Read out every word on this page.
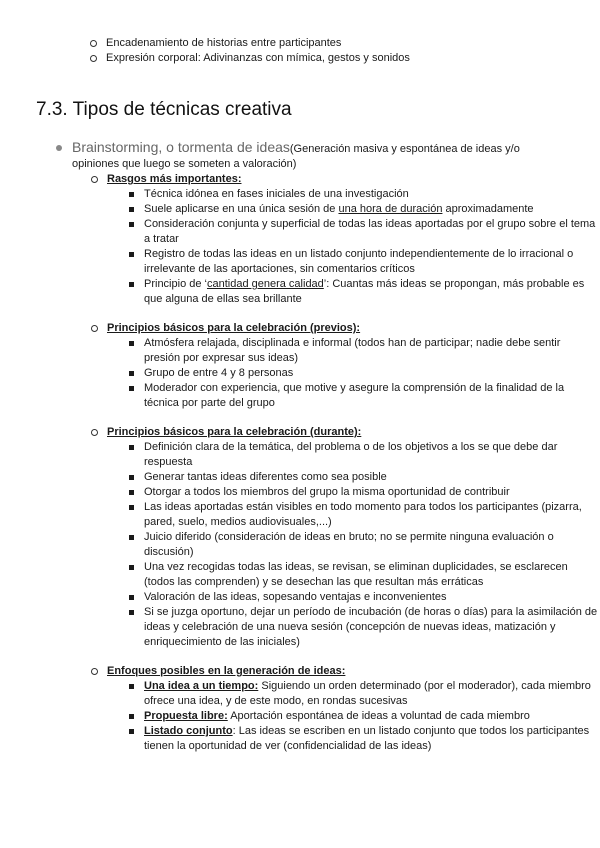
Encadenamiento de historias entre participantes
Expresión corporal: Adivinanzas con mímica, gestos y sonidos
7.3. Tipos de técnicas creativa
Brainstorming, o tormenta de ideas(Generación masiva y espontánea de ideas y/o opiniones que luego se someten a valoración)
Rasgos más importantes:
Técnica idónea en fases iniciales de una investigación
Suele aplicarse en una única sesión de una hora de duración aproximadamente
Consideración conjunta y superficial de todas las ideas aportadas por el grupo sobre el tema a tratar
Registro de todas las ideas en un listado conjunto independientemente de lo irracional o irrelevante de las aportaciones, sin comentarios críticos
Principio de ‘cantidad genera calidad’: Cuantas más ideas se propongan, más probable es que alguna de ellas sea brillante
Principios básicos para la celebración (previos):
Atmósfera relajada, disciplinada e informal (todos han de participar; nadie debe sentir presión por expresar sus ideas)
Grupo de entre 4 y 8 personas
Moderador con experiencia, que motive y asegure la comprensión de la finalidad de la técnica por parte del grupo
Principios básicos para la celebración (durante):
Definición clara de la temática, del problema o de los objetivos a los se que debe dar respuesta
Generar tantas ideas diferentes como sea posible
Otorgar a todos los miembros del grupo la misma oportunidad de contribuir
Las ideas aportadas están visibles en todo momento para todos los participantes (pizarra, pared, suelo, medios audiovisuales,...)
Juicio diferido (consideración de ideas en bruto; no se permite ninguna evaluación o discusión)
Una vez recogidas todas las ideas, se revisan, se eliminan duplicidades, se esclarecen (todos las comprenden) y se desechan las que resultan más erráticas
Valoración de las ideas, sopesando ventajas e inconvenientes
Si se juzga oportuno, dejar un período de incubación (de horas o días) para la asimilación de ideas y celebración de una nueva sesión (concepción de nuevas ideas, matización y enriquecimiento de las iniciales)
Enfoques posibles en la generación de ideas:
Una idea a un tiempo: Siguiendo un orden determinado (por el moderador), cada miembro ofrece una idea, y de este modo, en rondas sucesivas
Propuesta libre: Aportación espontánea de ideas a voluntad de cada miembro
Listado conjunto: Las ideas se escriben en un listado conjunto que todos los participantes tienen la oportunidad de ver (confidencialidad de las ideas)
